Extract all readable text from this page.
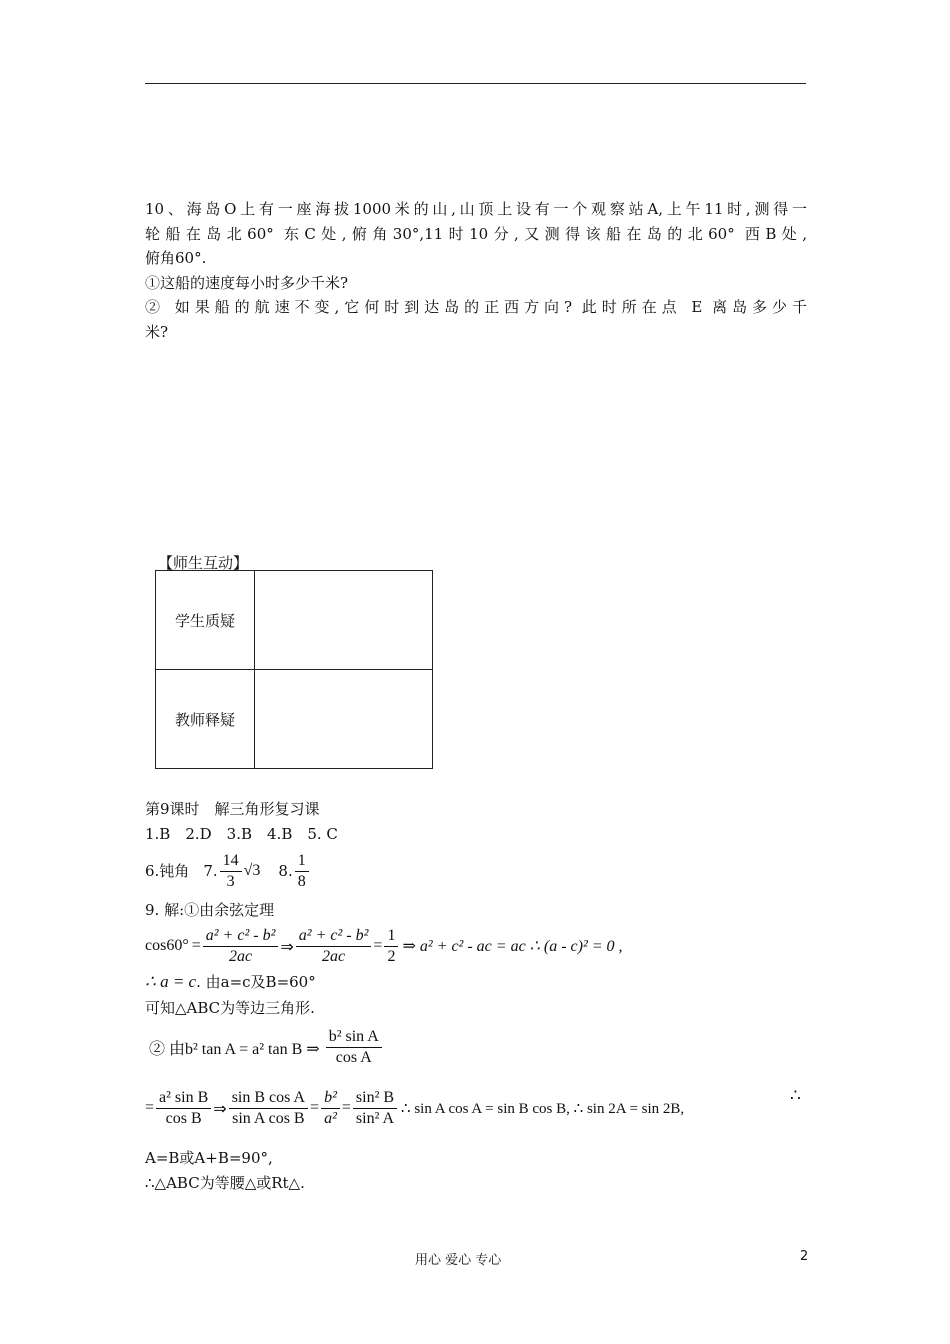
10、海岛O上有一座海拔1000米的山,山顶上设有一个观察站A,上午11时,测得一

轮船在岛北60° 东C处,俯角30°,11时10分,又测得该船在岛的北60° 西B处,

俯角60°.

①这船的速度每小时多少千米?

② 如果船的航速不变,它何时到达岛的正西方向? 此时所在点 E 离岛多少千

米?

【师生互动】
学生质疑	
教师释疑	
第9课时　解三角形复习课
1.B　2.D　3.B　4.B　5. C
6.钝角 7. $\frac{14}{3} √3$ 8. $\frac{1}{8}$
9. 解:①由余弦定理
$\cos 60^\circ = \frac{\text{a² + c² - b²}}{2ac}$ ⇒ $\frac{\text{a² + c² - b²}}{2ac} = \frac{1}{2}$ ⇒ a² + c² - ac = ac ∴ (a - c)² = 0 ,
∴ a = c. 由a=c及B=60°
可知△ABC为等边三角形.
② 由b² tan A = a² tan B ⇒ $\frac{\text{b² sin A}}{\text{cos A}}$
= $\frac{\text{a² sin B}}{\text{cos B}}$ ⇒ $\frac{\text{sin B cos A}}{\text{sin A cos B}} = \frac{\text{b²}}{\text{a²}} = \frac{\text{sin² B}}{\text{sin² A}}$ ∴ sin A cos A = sin B cos B, ∴ sin 2A = sin 2B,
∴
A=B或A+B=90°,
∴△ABC为等腰△或Rt△.
用心 爱心 专心	2
